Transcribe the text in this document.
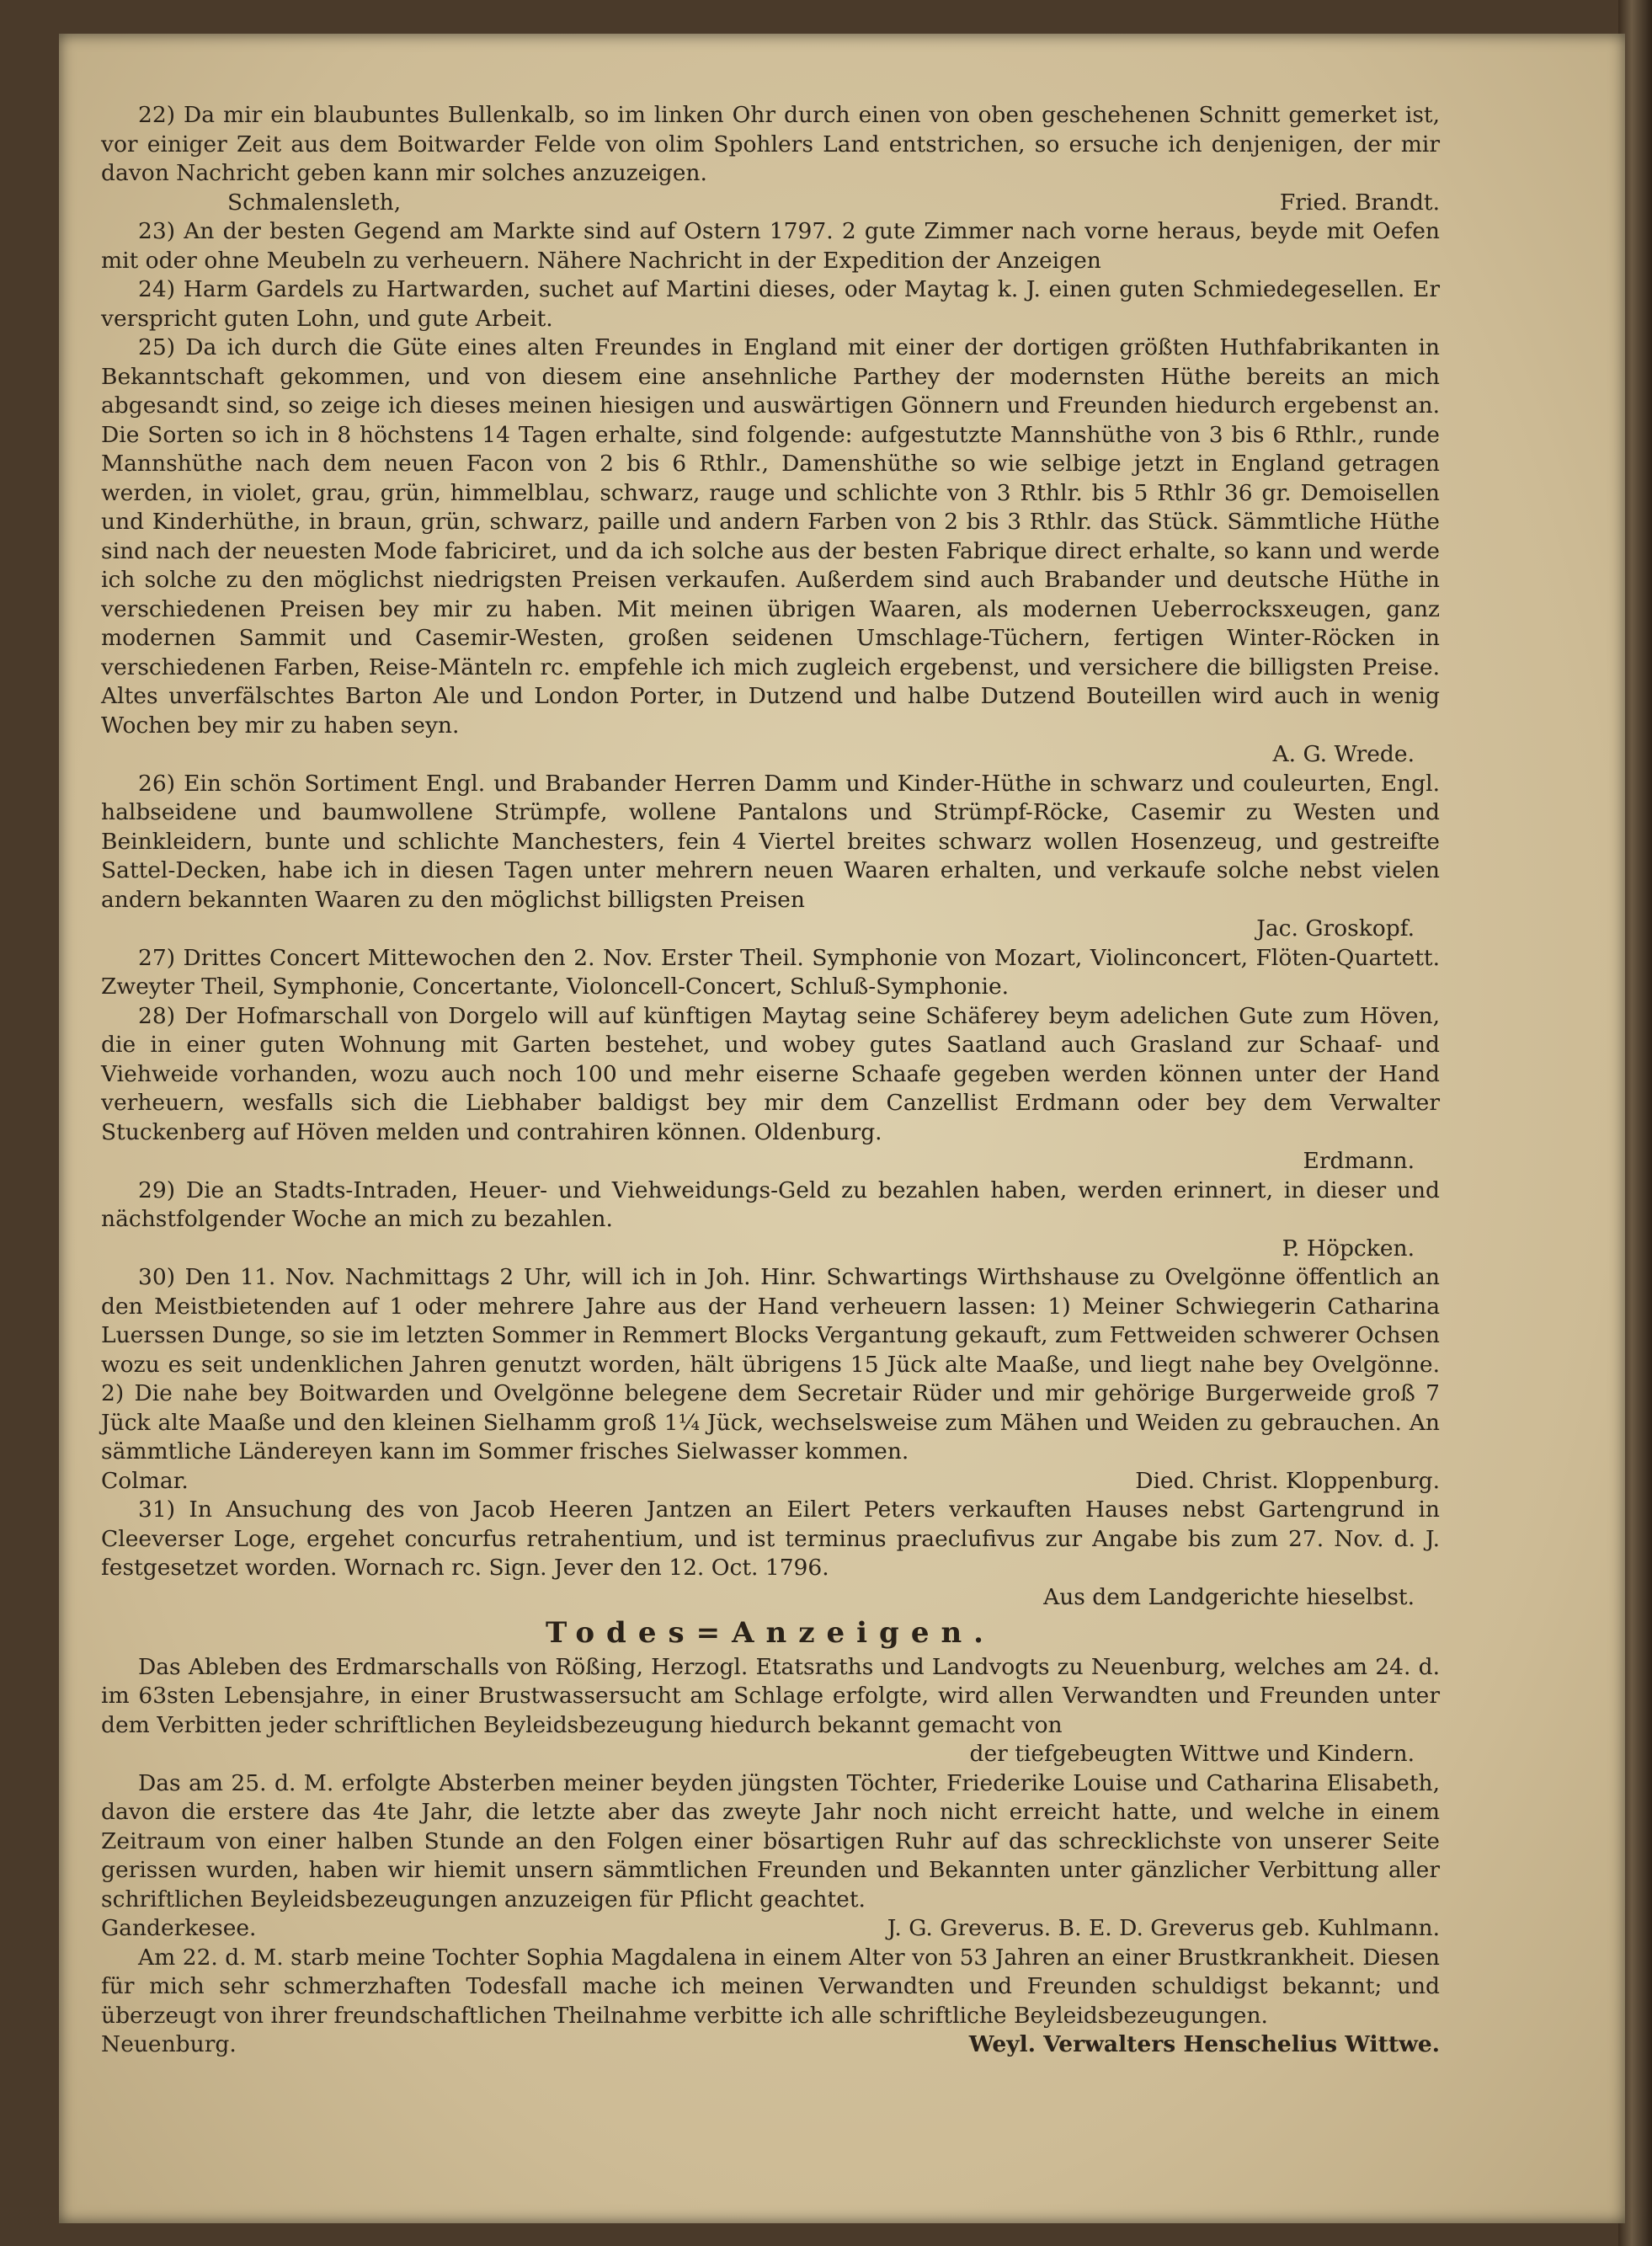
22) Da mir ein blaubuntes Bullenkalb, so im linken Ohr durch einen von oben geschehenen Schnitt gemerket ist, vor einiger Zeit aus dem Boitwarder Felde von olim Spohlers Land entstrichen, so ersuche ich denjenigen, der mir davon Nachricht geben kann mir solches anzuzeigen.

Schmalensleth,	Fried. Brandt.

23) An der besten Gegend am Markte sind auf Ostern 1797. 2 gute Zimmer nach vorne heraus, beyde mit Oefen mit oder ohne Meubeln zu verheuern. Nähere Nachricht in der Expedition der Anzeigen

24) Harm Gardels zu Hartwarden, suchet auf Martini dieses, oder Maytag k. J. einen guten Schmiedegesellen. Er verspricht guten Lohn, und gute Arbeit.

25) Da ich durch die Güte eines alten Freundes in England mit einer der dortigen größten Huthfabrikanten in Bekanntschaft gekommen, und von diesem eine ansehnliche Parthey der modernsten Hüthe bereits an mich abgesandt sind, so zeige ich dieses meinen hiesigen und auswärtigen Gönnern und Freunden hiedurch ergebenst an. Die Sorten so ich in 8 höchstens 14 Tagen erhalte, sind folgende: aufgestutzte Mannshüthe von 3 bis 6 Rthlr., runde Mannshüthe nach dem neuen Facon von 2 bis 6 Rthlr., Damenshüthe so wie selbige jetzt in England getragen werden, in violet, grau, grün, himmelblau, schwarz, rauge und schlichte von 3 Rthlr. bis 5 Rthlr 36 gr. Demoisellen und Kinderhüthe, in braun, grün, schwarz, paille und andern Farben von 2 bis 3 Rthlr. das Stück. Sämmtliche Hüthe sind nach der neuesten Mode fabriciret, und da ich solche aus der besten Fabrique direct erhalte, so kann und werde ich solche zu den möglichst niedrigsten Preisen verkaufen. Außerdem sind auch Brabander und deutsche Hüthe in verschiedenen Preisen bey mir zu haben. Mit meinen übrigen Waaren, als modernen Ueberrocksxeugen, ganz modernen Sammit und Casemir-Westen, großen seidenen Umschlage-Tüchern, fertigen Winter-Röcken in verschiedenen Farben, Reise-Mänteln rc. empfehle ich mich zugleich ergebenst, und versichere die billigsten Preise. Altes unverfälschtes Barton Ale und London Porter, in Dutzend und halbe Dutzend Bouteillen wird auch in wenig Wochen bey mir zu haben seyn.

A. G. Wrede.

26) Ein schön Sortiment Engl. und Brabander Herren Damm und Kinder-Hüthe in schwarz und couleurten, Engl. halbseidene und baumwollene Strümpfe, wollene Pantalons und Strümpf-Röcke, Casemir zu Westen und Beinkleidern, bunte und schlichte Manchesters, fein 4 Viertel breites schwarz wollen Hosenzeug, und gestreifte Sattel-Decken, habe ich in diesen Tagen unter mehrern neuen Waaren erhalten, und verkaufe solche nebst vielen andern bekannten Waaren zu den möglichst billigsten Preisen

Jac. Groskopf.

27) Drittes Concert Mittewochen den 2. Nov. Erster Theil. Symphonie von Mozart, Violinconcert, Flöten-Quartett. Zweyter Theil, Symphonie, Concertante, Violoncell-Concert, Schluß-Symphonie.

28) Der Hofmarschall von Dorgelo will auf künftigen Maytag seine Schäferey beym adelichen Gute zum Höven, die in einer guten Wohnung mit Garten bestehet, und wobey gutes Saatland auch Grasland zur Schaaf- und Viehweide vorhanden, wozu auch noch 100 und mehr eiserne Schaafe gegeben werden können unter der Hand verheuern, wesfalls sich die Liebhaber baldigst bey mir dem Canzellist Erdmann oder bey dem Verwalter Stuckenberg auf Höven melden und contrahiren können. Oldenburg.

Erdmann.

29) Die an Stadts-Intraden, Heuer- und Viehweidungs-Geld zu bezahlen haben, werden erinnert, in dieser und nächstfolgender Woche an mich zu bezahlen.

P. Höpcken.

30) Den 11. Nov. Nachmittags 2 Uhr, will ich in Joh. Hinr. Schwartings Wirthshause zu Ovelgönne öffentlich an den Meistbietenden auf 1 oder mehrere Jahre aus der Hand verheuern lassen: 1) Meiner Schwiegerin Catharina Luerssen Dunge, so sie im letzten Sommer in Remmert Blocks Vergantung gekauft, zum Fettweiden schwerer Ochsen wozu es seit undenklichen Jahren genutzt worden, hält übrigens 15 Jück alte Maaße, und liegt nahe bey Ovelgönne. 2) Die nahe bey Boitwarden und Ovelgönne belegene dem Secretair Rüder und mir gehörige Burgerweide groß 7 Jück alte Maaße und den kleinen Sielhamm groß 1¼ Jück, wechselsweise zum Mähen und Weiden zu gebrauchen. An sämmtliche Ländereyen kann im Sommer frisches Sielwasser kommen.

Colmar.	Died. Christ. Kloppenburg.

31) In Ansuchung des von Jacob Heeren Jantzen an Eilert Peters verkauften Hauses nebst Gartengrund in Cleeverser Loge, ergehet concurfus retrahentium, und ist terminus praeclufivus zur Angabe bis zum 27. Nov. d. J. festgesetzet worden. Wornach rc. Sign. Jever den 12. Oct. 1796.

Aus dem Landgerichte hieselbst.

Todes=Anzeigen.

Das Ableben des Erdmarschalls von Rößing, Herzogl. Etatsraths und Landvogts zu Neuenburg, welches am 24. d. im 63sten Lebensjahre, in einer Brustwassersucht am Schlage erfolgte, wird allen Verwandten und Freunden unter dem Verbitten jeder schriftlichen Beyleidsbezeugung hiedurch bekannt gemacht von

der tiefgebeugten Wittwe und Kindern.

Das am 25. d. M. erfolgte Absterben meiner beyden jüngsten Töchter, Friederike Louise und Catharina Elisabeth, davon die erstere das 4te Jahr, die letzte aber das zweyte Jahr noch nicht erreicht hatte, und welche in einem Zeitraum von einer halben Stunde an den Folgen einer bösartigen Ruhr auf das schrecklichste von unserer Seite gerissen wurden, haben wir hiemit unsern sämmtlichen Freunden und Bekannten unter gänzlicher Verbittung aller schriftlichen Beyleidsbezeugungen anzuzeigen für Pflicht geachtet.

Ganderkesee.	J. G. Greverus. B. E. D. Greverus geb. Kuhlmann.

Am 22. d. M. starb meine Tochter Sophia Magdalena in einem Alter von 53 Jahren an einer Brustkrankheit. Diesen für mich sehr schmerzhaften Todesfall mache ich meinen Verwandten und Freunden schuldigst bekannt; und überzeugt von ihrer freundschaftlichen Theilnahme verbitte ich alle schriftliche Beyleidsbezeugungen.

Neuenburg.	Weyl. Verwalters Henschelius Wittwe.
